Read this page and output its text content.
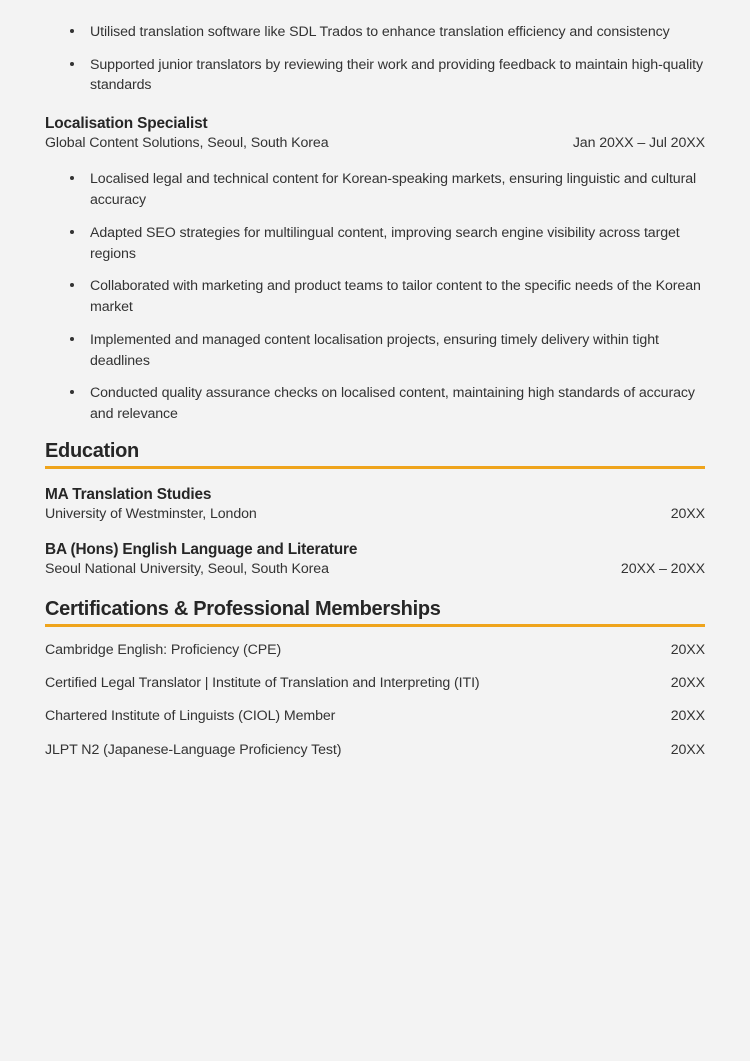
Utilised translation software like SDL Trados to enhance translation efficiency and consistency
Supported junior translators by reviewing their work and providing feedback to maintain high-quality standards
Localisation Specialist
Global Content Solutions, Seoul, South Korea	Jan 20XX – Jul 20XX
Localised legal and technical content for Korean-speaking markets, ensuring linguistic and cultural accuracy
Adapted SEO strategies for multilingual content, improving search engine visibility across target regions
Collaborated with marketing and product teams to tailor content to the specific needs of the Korean market
Implemented and managed content localisation projects, ensuring timely delivery within tight deadlines
Conducted quality assurance checks on localised content, maintaining high standards of accuracy and relevance
Education
MA Translation Studies
University of Westminster, London	20XX
BA (Hons) English Language and Literature
Seoul National University, Seoul, South Korea	20XX – 20XX
Certifications & Professional Memberships
Cambridge English: Proficiency (CPE)	20XX
Certified Legal Translator | Institute of Translation and Interpreting (ITI)	20XX
Chartered Institute of Linguists (CIOL) Member	20XX
JLPT N2 (Japanese-Language Proficiency Test)	20XX
